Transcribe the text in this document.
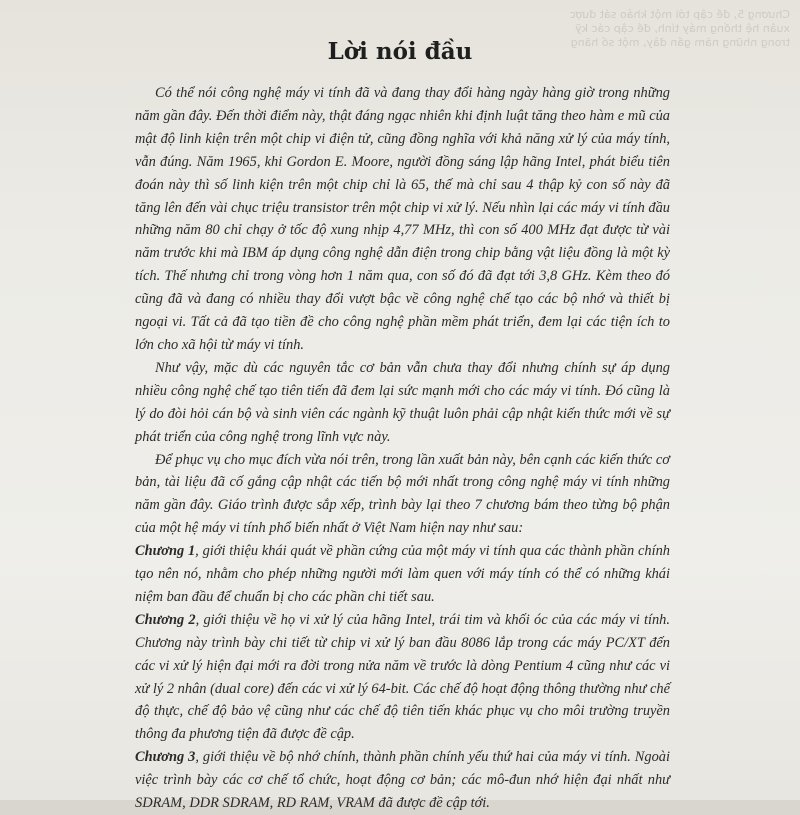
Chương 5, đề cập tới một khảo sát được
xuân hệ thống máy tính, đề cập các kỹ
trong những năm gần đây, một số hãng
Lời nói đầu

Có thể nói công nghệ máy vi tính đã và đang thay đổi hàng ngày hàng giờ trong những năm gần đây. Đến thời điểm này, thật đáng ngạc nhiên khi định luật tăng theo hàm e mũ của mật độ linh kiện trên một chip vi điện tử, cũng đồng nghĩa với khả năng xử lý của máy tính, vẫn đúng. Năm 1965, khi Gordon E. Moore, người đồng sáng lập hãng Intel, phát biểu tiên đoán này thì số linh kiện trên một chip chỉ là 65, thế mà chỉ sau 4 thập kỷ con số này đã tăng lên đến vài chục triệu transistor trên một chip vi xử lý. Nếu nhìn lại các máy vi tính đầu những năm 80 chỉ chạy ở tốc độ xung nhịp 4,77 MHz, thì con số 400 MHz đạt được từ vài năm trước khi mà IBM áp dụng công nghệ dẫn điện trong chip bằng vật liệu đồng là một kỳ tích. Thế nhưng chỉ trong vòng hơn 1 năm qua, con số đó đã đạt tới 3,8 GHz. Kèm theo đó cũng đã và đang có nhiều thay đổi vượt bậc về công nghệ chế tạo các bộ nhớ và thiết bị ngoại vi. Tất cả đã tạo tiền đề cho công nghệ phần mềm phát triển, đem lại các tiện ích to lớn cho xã hội từ máy vi tính.

Như vậy, mặc dù các nguyên tắc cơ bản vẫn chưa thay đổi nhưng chính sự áp dụng nhiều công nghệ chế tạo tiên tiến đã đem lại sức mạnh mới cho các máy vi tính. Đó cũng là lý do đòi hỏi cán bộ và sinh viên các ngành kỹ thuật luôn phải cập nhật kiến thức mới về sự phát triển của công nghệ trong lĩnh vực này.

Để phục vụ cho mục đích vừa nói trên, trong lần xuất bản này, bên cạnh các kiến thức cơ bản, tài liệu đã cố gắng cập nhật các tiến bộ mới nhất trong công nghệ máy vi tính những năm gần đây. Giáo trình được sắp xếp, trình bày lại theo 7 chương bám theo từng bộ phận của một hệ máy vi tính phổ biến nhất ở Việt Nam hiện nay như sau:

Chương 1, giới thiệu khái quát về phần cứng của một máy vi tính qua các thành phần chính tạo nên nó, nhằm cho phép những người mới làm quen với máy tính có thể có những khái niệm ban đầu để chuẩn bị cho các phần chi tiết sau.

Chương 2, giới thiệu về họ vi xử lý của hãng Intel, trái tim và khối óc của các máy vi tính. Chương này trình bày chi tiết từ chip vi xử lý ban đầu 8086 lắp trong các máy PC/XT đến các vi xử lý hiện đại mới ra đời trong nửa năm về trước là dòng Pentium 4 cũng như các vi xử lý 2 nhân (dual core) đến các vi xử lý 64-bit. Các chế độ hoạt động thông thường như chế độ thực, chế độ bảo vệ cũng như các chế độ tiên tiến khác phục vụ cho môi trường truyền thông đa phương tiện đã được đề cập.

Chương 3, giới thiệu về bộ nhớ chính, thành phần chính yếu thứ hai của máy vi tính. Ngoài việc trình bày các cơ chế tổ chức, hoạt động cơ bản; các mô-đun nhớ hiện đại nhất như SDRAM, DDR SDRAM, RD RAM, VRAM đã được đề cập tới.
